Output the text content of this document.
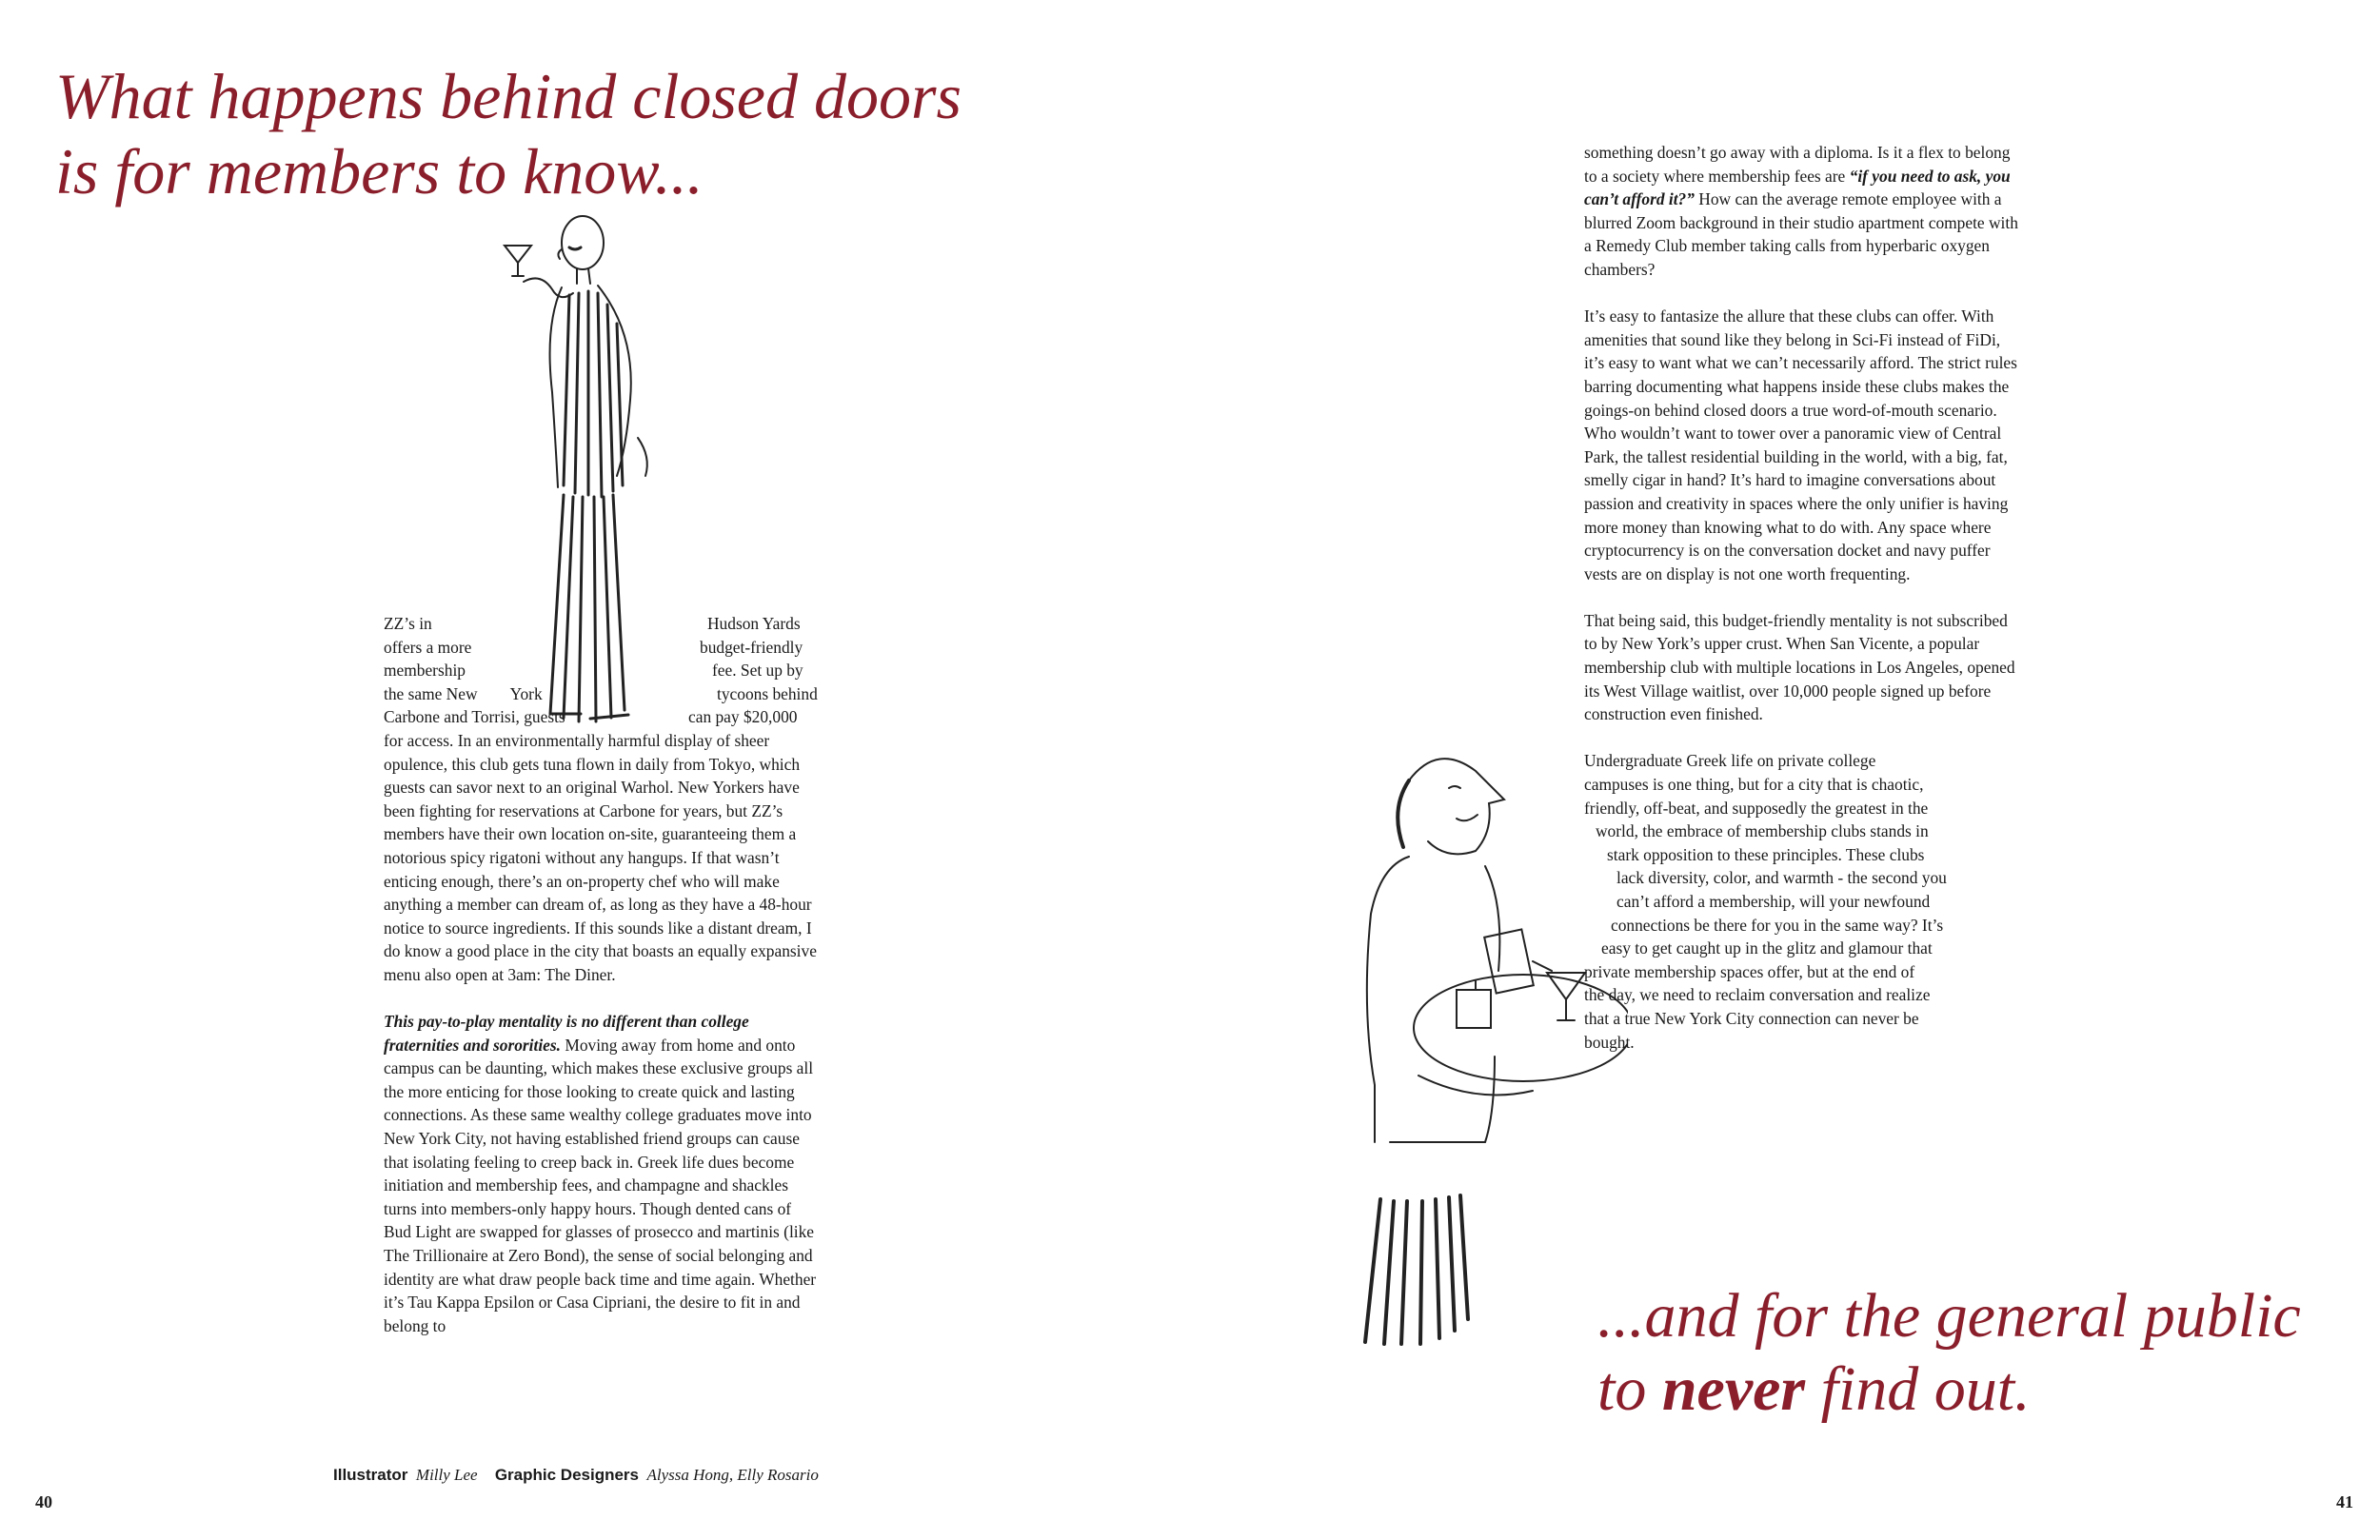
What happens behind closed doors is for members to know...
ZZ’s in	Hudson Yards
offers a more	budget-friendly
membership	fee. Set up by
the same New        York	tycoons behind
Carbone and Torrisi, guests	can pay $20,000

for access. In an environmentally harmful display of sheer opulence, this club gets tuna flown in daily from Tokyo, which guests can savor next to an original Warhol. New Yorkers have been fighting for reservations at Carbone for years, but ZZ’s members have their own location on-site, guaranteeing them a notorious spicy rigatoni without any hangups. If that wasn’t enticing enough, there’s an on-property chef who will make anything a member can dream of, as long as they have a 48-hour notice to source ingredients. If this sounds like a distant dream, I do know a good place in the city that boasts an equally expansive menu also open at 3am: The Diner.

This pay-to-play mentality is no different than college fraternities and sororities. Moving away from home and onto campus can be daunting, which makes these exclusive groups all the more enticing for those looking to create quick and lasting connections. As these same wealthy college graduates move into New York City, not having established friend groups can cause that isolating feeling to creep back in. Greek life dues become initiation and membership fees, and champagne and shackles turns into members-only happy hours. Though dented cans of Bud Light are swapped for glasses of prosecco and martinis (like The Trillionaire at Zero Bond), the sense of social belonging and identity are what draw people back time and time again. Whether it’s Tau Kappa Epsilon or Casa Cipriani, the desire to fit in and belong to

Illustrator Milly Lee Graphic Designers Alyssa Hong, Elly Rosario
40	41

something doesn’t go away with a diploma. Is it a flex to belong to a society where membership fees are “if you need to ask, you can’t afford it?” How can the average remote employee with a blurred Zoom background in their studio apartment compete with a Remedy Club member taking calls from hyperbaric oxygen chambers?

It’s easy to fantasize the allure that these clubs can offer. With amenities that sound like they belong in Sci-Fi instead of FiDi, it’s easy to want what we can’t necessarily afford. The strict rules barring documenting what happens inside these clubs makes the goings-on behind closed doors a true word-of-mouth scenario. Who wouldn’t want to tower over a panoramic view of Central Park, the tallest residential building in the world, with a big, fat, smelly cigar in hand? It’s hard to imagine conversations about passion and creativity in spaces where the only unifier is having more money than knowing what to do with. Any space where cryptocurrency is on the conversation docket and navy puffer vests are on display is not one worth frequenting.

That being said, this budget-friendly mentality is not subscribed to by New York’s upper crust. When San Vicente, a popular membership club with multiple locations in Los Angeles, opened its West Village waitlist, over 10,000 people signed up before construction even finished.

Undergraduate Greek life on private college
campuses is one thing, but for a city that is chaotic,
friendly, off-beat, and supposedly the greatest in the
world, the embrace of membership clubs stands in
stark opposition to these principles. These clubs
lack diversity, color, and warmth - the second you
can’t afford a membership, will your newfound
connections be there for you in the same way? It’s
easy to get caught up in the glitz and glamour that
private membership spaces offer, but at the end of
the day, we need to reclaim conversation and realize
that a true New York City connection can never be
bought.
...and for the general public
to never find out.
